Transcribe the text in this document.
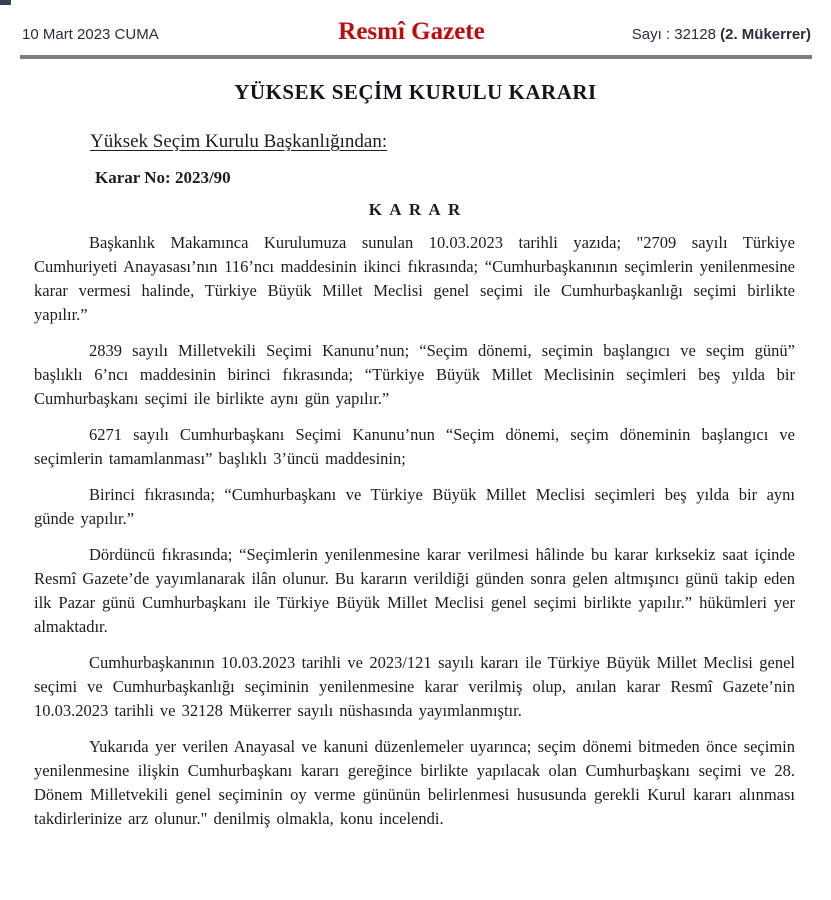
10 Mart 2023 CUMA	Resmî Gazete	Sayı : 32128 (2. Mükerrer)
YÜKSEK SEÇİM KURULU KARARI
Yüksek Seçim Kurulu Başkanlığından:
Karar No: 2023/90
K A R A R

Başkanlık Makamınca Kurulumuza sunulan 10.03.2023 tarihli yazıda; "2709 sayılı Türkiye Cumhuriyeti Anayasası’nın 116’ncı maddesinin ikinci fıkrasında; “Cumhurbaşkanının seçimlerin yenilenmesine karar vermesi halinde, Türkiye Büyük Millet Meclisi genel seçimi ile Cumhurbaşkanlığı seçimi birlikte yapılır.”

2839 sayılı Milletvekili Seçimi Kanunu’nun; “Seçim dönemi, seçimin başlangıcı ve seçim günü” başlıklı 6’ncı maddesinin birinci fıkrasında; “Türkiye Büyük Millet Meclisinin seçimleri beş yılda bir Cumhurbaşkanı seçimi ile birlikte aynı gün yapılır.”

6271 sayılı Cumhurbaşkanı Seçimi Kanunu’nun “Seçim dönemi, seçim döneminin başlangıcı ve seçimlerin tamamlanması” başlıklı 3’üncü maddesinin;

Birinci fıkrasında; “Cumhurbaşkanı ve Türkiye Büyük Millet Meclisi seçimleri beş yılda bir aynı günde yapılır.”

Dördüncü fıkrasında; “Seçimlerin yenilenmesine karar verilmesi hâlinde bu karar kırksekiz saat içinde Resmî Gazete’de yayımlanarak ilân olunur. Bu kararın verildiği günden sonra gelen altmışıncı günü takip eden ilk Pazar günü Cumhurbaşkanı ile Türkiye Büyük Millet Meclisi genel seçimi birlikte yapılır.” hükümleri yer almaktadır.

Cumhurbaşkanının 10.03.2023 tarihli ve 2023/121 sayılı kararı ile Türkiye Büyük Millet Meclisi genel seçimi ve Cumhurbaşkanlığı seçiminin yenilenmesine karar verilmiş olup, anılan karar Resmî Gazete’nin 10.03.2023 tarihli ve 32128 Mükerrer sayılı nüshasında yayımlanmıştır.

Yukarıda yer verilen Anayasal ve kanuni düzenlemeler uyarınca; seçim dönemi bitmeden önce seçimin yenilenmesine ilişkin Cumhurbaşkanı kararı gereğince birlikte yapılacak olan Cumhurbaşkanı seçimi ve 28. Dönem Milletvekili genel seçiminin oy verme gününün belirlenmesi hususunda gerekli Kurul kararı alınması takdirlerinize arz olunur." denilmiş olmakla, konu incelendi.
